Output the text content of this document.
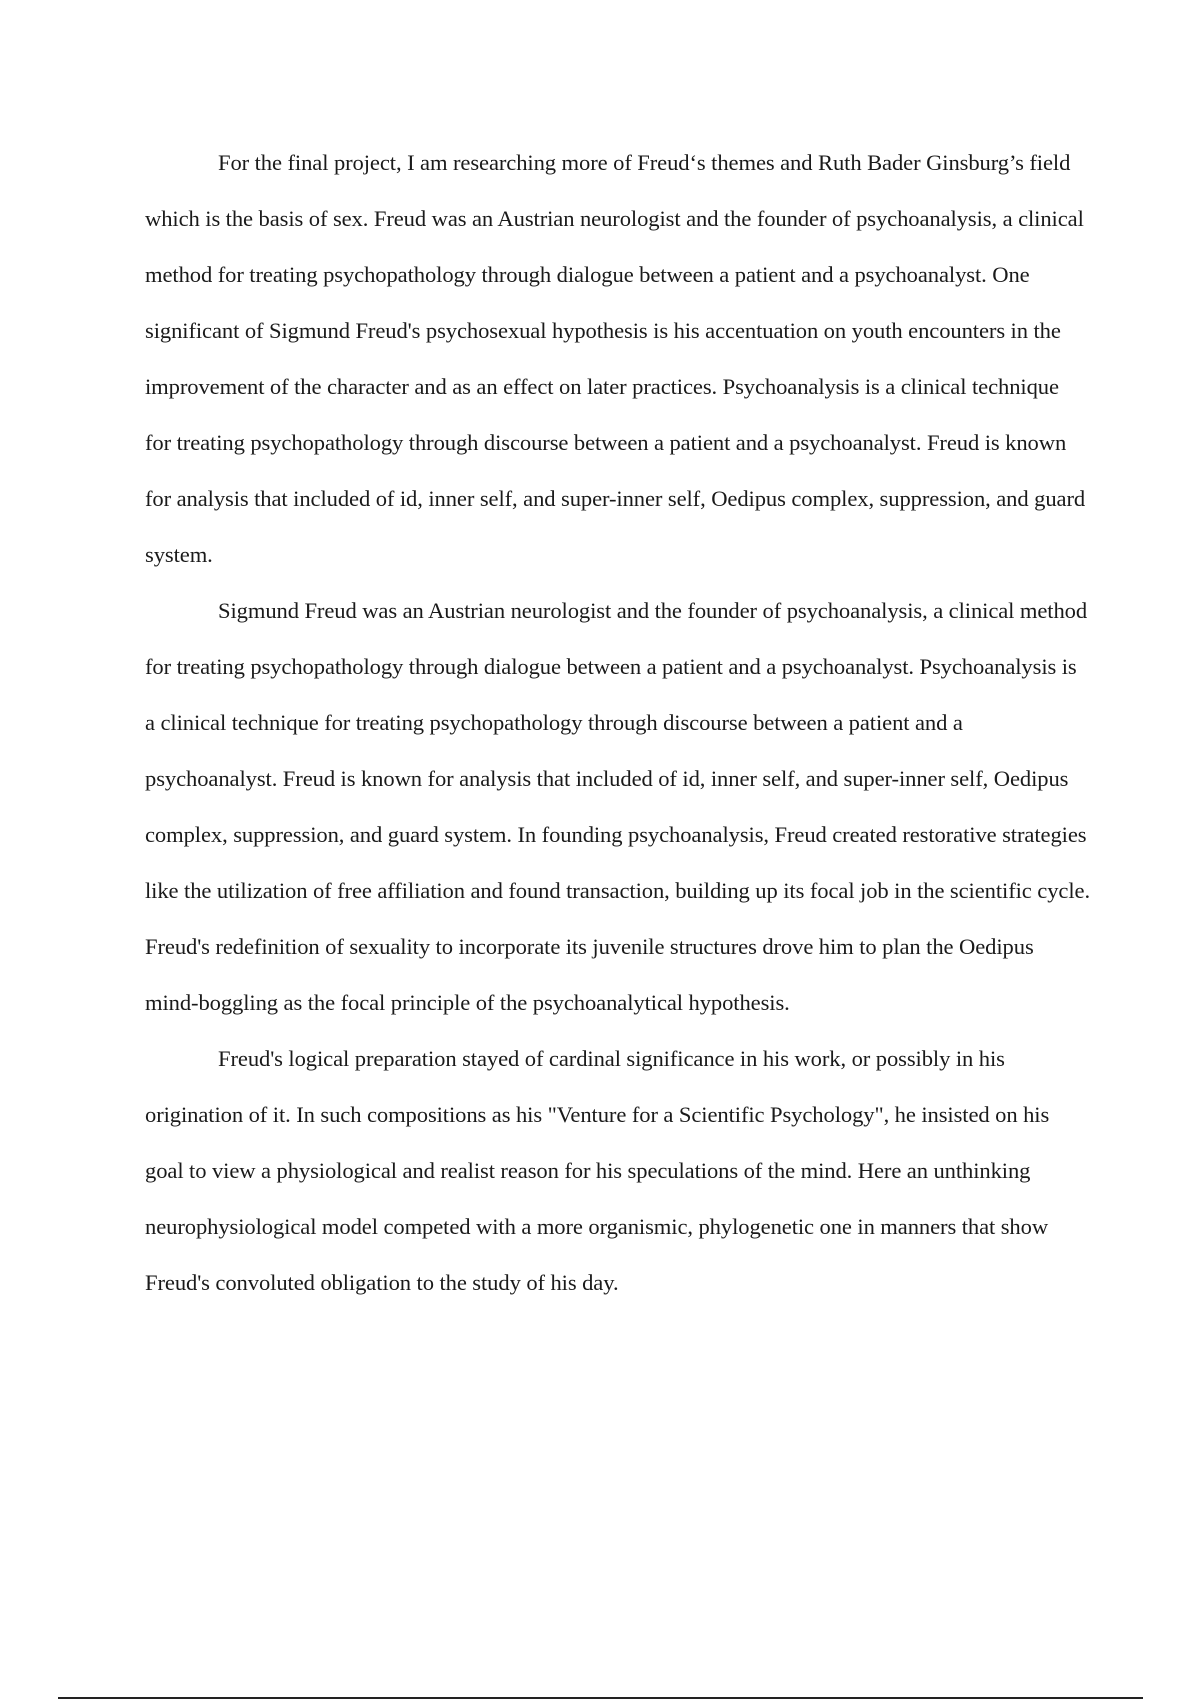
For the final project, I am researching more of Freud‘s themes and Ruth Bader Ginsburg’s field which is the basis of sex. Freud was an Austrian neurologist and the founder of psychoanalysis, a clinical method for treating psychopathology through dialogue between a patient and a psychoanalyst. One significant of Sigmund Freud's psychosexual hypothesis is his accentuation on youth encounters in the improvement of the character and as an effect on later practices. Psychoanalysis is a clinical technique for treating psychopathology through discourse between a patient and a psychoanalyst. Freud is known for analysis that included of id, inner self, and super-inner self, Oedipus complex, suppression, and guard system.

Sigmund Freud was an Austrian neurologist and the founder of psychoanalysis, a clinical method for treating psychopathology through dialogue between a patient and a psychoanalyst. Psychoanalysis is a clinical technique for treating psychopathology through discourse between a patient and a psychoanalyst. Freud is known for analysis that included of id, inner self, and super-inner self, Oedipus complex, suppression, and guard system. In founding psychoanalysis, Freud created restorative strategies like the utilization of free affiliation and found transaction, building up its focal job in the scientific cycle. Freud's redefinition of sexuality to incorporate its juvenile structures drove him to plan the Oedipus mind-boggling as the focal principle of the psychoanalytical hypothesis.

Freud's logical preparation stayed of cardinal significance in his work, or possibly in his origination of it. In such compositions as his "Venture for a Scientific Psychology", he insisted on his goal to view a physiological and realist reason for his speculations of the mind. Here an unthinking neurophysiological model competed with a more organismic, phylogenetic one in manners that show Freud's convoluted obligation to the study of his day.
